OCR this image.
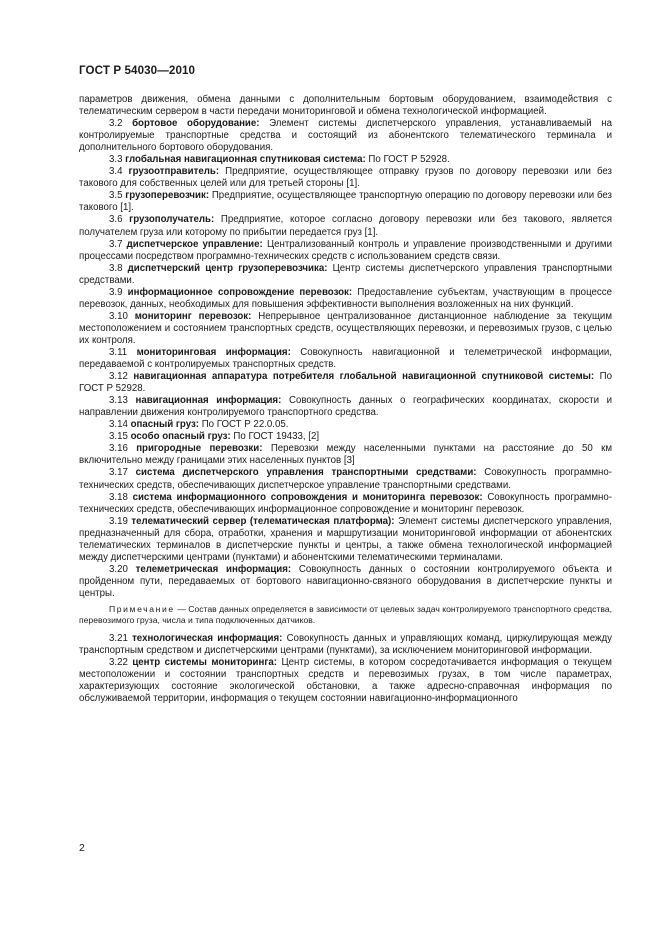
ГОСТ Р 54030—2010

параметров движения, обмена данными с дополнительным бортовым оборудованием, взаимодействия с телематическим сервером в части передачи мониторинговой и обмена технологической информацией.

3.2 бортовое оборудование: Элемент системы диспетчерского управления, устанавливаемый на контролируемые транспортные средства и состоящий из абонентского телематического терминала и дополнительного бортового оборудования.

3.3 глобальная навигационная спутниковая система: По ГОСТ Р 52928.

3.4 грузоотправитель: Предприятие, осуществляющее отправку грузов по договору перевозки или без такового для собственных целей или для третьей стороны [1].

3.5 грузоперевозчик: Предприятие, осуществляющее транспортную операцию по договору перевозки или без такового [1].

3.6 грузополучатель: Предприятие, которое согласно договору перевозки или без такового, является получателем груза или которому по прибытии передается груз [1].

3.7 диспетчерское управление: Централизованный контроль и управление производственными и другими процессами посредством программно-технических средств с использованием средств связи.

3.8 диспетчерский центр грузоперевозчика: Центр системы диспетчерского управления транспортными средствами.

3.9 информационное сопровождение перевозок: Предоставление субъектам, участвующим в процессе перевозок, данных, необходимых для повышения эффективности выполнения возложенных на них функций.

3.10 мониторинг перевозок: Непрерывное централизованное дистанционное наблюдение за текущим местоположением и состоянием транспортных средств, осуществляющих перевозки, и перевозимых грузов, с целью их контроля.

3.11 мониторинговая информация: Совокупность навигационной и телеметрической информации, передаваемой с контролируемых транспортных средств.

3.12 навигационная аппаратура потребителя глобальной навигационной спутниковой системы: По ГОСТ Р 52928.

3.13 навигационная информация: Совокупность данных о географических координатах, скорости и направлении движения контролируемого транспортного средства.

3.14 опасный груз: По ГОСТ Р 22.0.05.

3.15 особо опасный груз: По ГОСТ 19433, [2]

3.16 пригородные перевозки: Перевозки между населенными пунктами на расстояние до 50 км включительно между границами этих населенных пунктов [3]

3.17 система диспетчерского управления транспортными средствами: Совокупность программно-технических средств, обеспечивающих диспетчерское управление транспортными средствами.

3.18 система информационного сопровождения и мониторинга перевозок: Совокупность программно-технических средств, обеспечивающих информационное сопровождение и мониторинг перевозок.

3.19 телематический сервер (телематическая платформа): Элемент системы диспетчерского управления, предназначенный для сбора, отработки, хранения и маршрутизации мониторинговой информации от абонентских телематических терминалов в диспетчерские пункты и центры, а также обмена технологической информацией между диспетчерскими центрами (пунктами) и абонентскими телематическими терминалами.

3.20 телеметрическая информация: Совокупность данных о состоянии контролируемого объекта и пройденном пути, передаваемых от бортового навигационно-связного оборудования в диспетчерские пункты и центры.

Примечание — Состав данных определяется в зависимости от целевых задач контролируемого транспортного средства, перевозимого груза, числа и типа подключенных датчиков.

3.21 технологическая информация: Совокупность данных и управляющих команд, циркулирующая между транспортным средством и диспетчерскими центрами (пунктами), за исключением мониторинговой информации.

3.22 центр системы мониторинга: Центр системы, в котором сосредотачивается информация о текущем местоположении и состоянии транспортных средств и перевозимых грузах, в том числе параметрах, характеризующих состояние экологической обстановки, а также адресно-справочная информация по обслуживаемой территории, информация о текущем состоянии навигационно-информационного

2
